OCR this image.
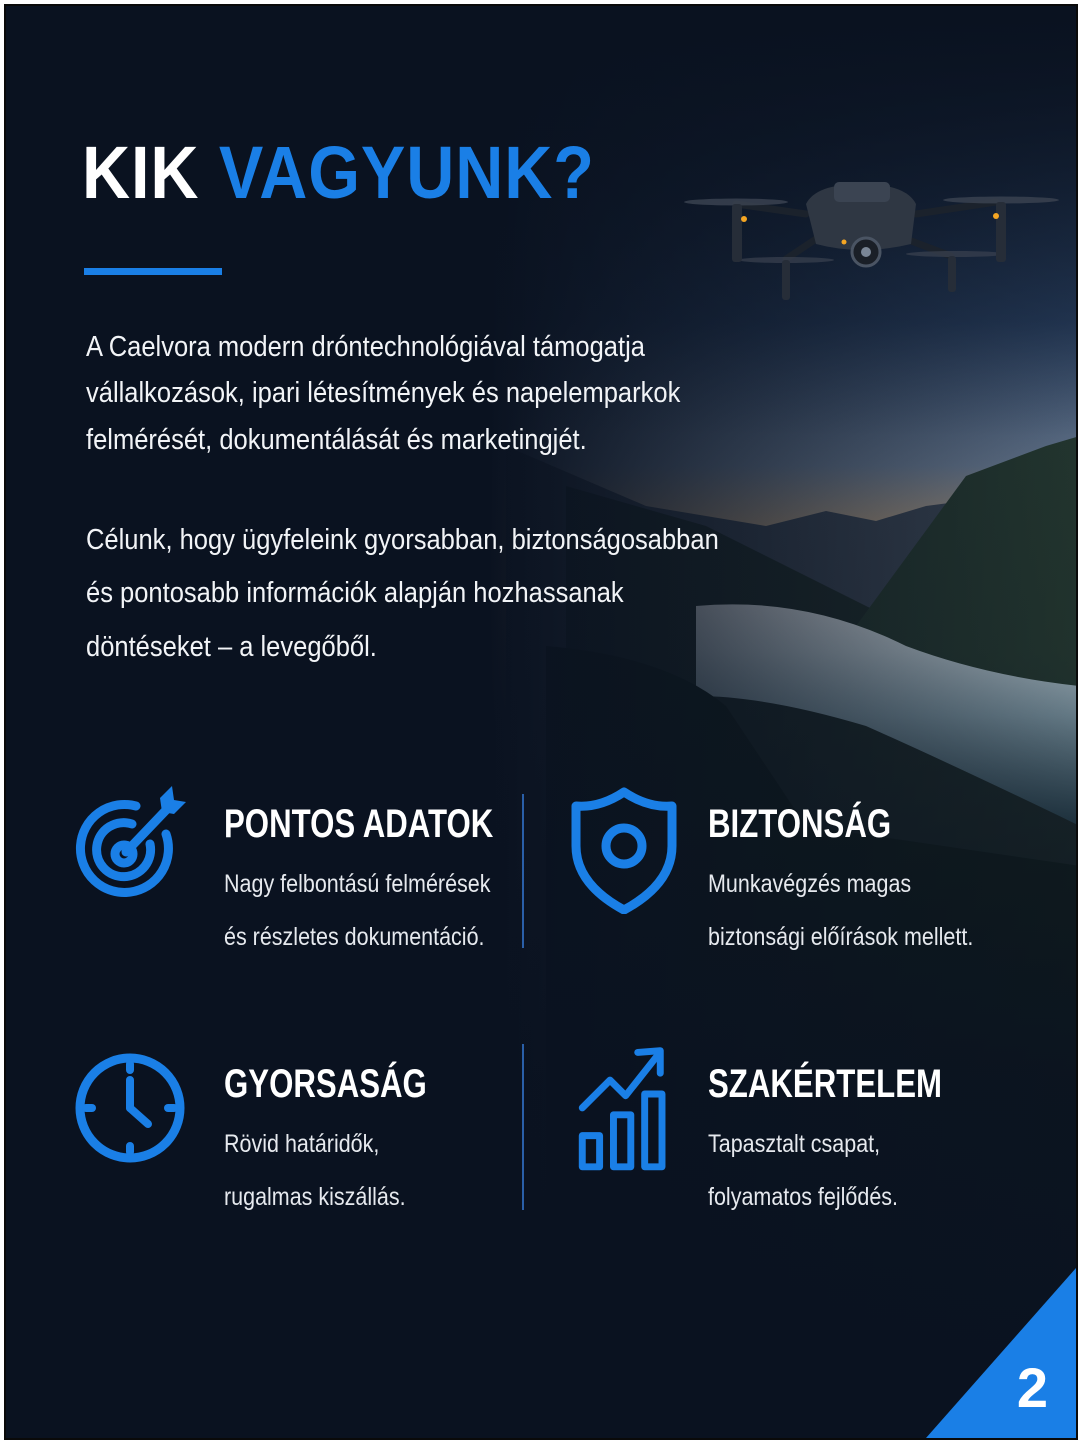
KIK VAGYUNK?

A Caelvora modern dróntechnológiával támogatja
vállalkozások, ipari létesítmények és napelemparkok
felmérését, dokumentálását és marketingjét.

Célunk, hogy ügyfeleink gyorsabban, biztonságosabban
és pontosabb információk alapján hozhassanak
döntéseket – a levegőből.

PONTOS ADATOK

Nagy felbontású felmérések
és részletes dokumentáció.

BIZTONSÁG

Munkavégzés magas
biztonsági előírások mellett.

GYORSASÁG

Rövid határidők,
rugalmas kiszállás.

SZAKÉRTELEM

Tapasztalt csapat,
folyamatos fejlődés.

2
